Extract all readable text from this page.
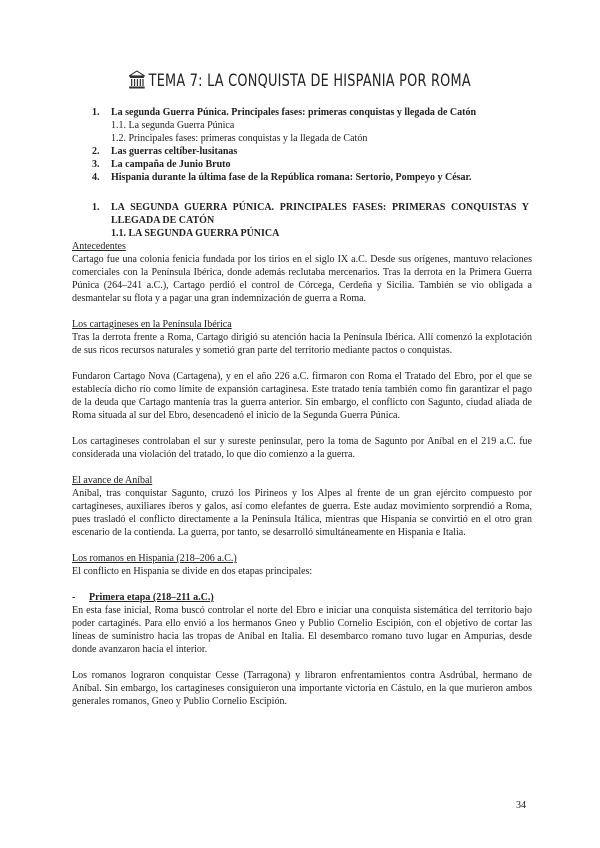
TEMA 7: LA CONQUISTA DE HISPANIA POR ROMA
1.	La segunda Guerra Púnica. Principales fases: primeras conquistas y llegada de Catón
1.1. La segunda Guerra Púnica
1.2. Principales fases: primeras conquistas y la llegada de Catón
2.	Las guerras celtíber-lusitanas
3.	La campaña de Junio Bruto
4.	Hispania durante la última fase de la República romana: Sertorio, Pompeyo y César.
1. LA SEGUNDA GUERRA PÚNICA. PRINCIPALES FASES: PRIMERAS CONQUISTAS Y LLEGADA DE CATÓN
1.1. LA SEGUNDA GUERRA PÚNICA

Antecedentes

Cartago fue una colonia fenicia fundada por los tirios en el siglo IX a.C. Desde sus orígenes, mantuvo relaciones comerciales con la Península Ibérica, donde además reclutaba mercenarios. Tras la derrota en la Primera Guerra Púnica (264–241 a.C.), Cartago perdió el control de Córcega, Cerdeña y Sicilia. También se vio obligada a desmantelar su flota y a pagar una gran indemnización de guerra a Roma.

Los cartagineses en la Península Ibérica

Tras la derrota frente a Roma, Cartago dirigió su atención hacia la Península Ibérica. Allí comenzó la explotación de sus ricos recursos naturales y sometió gran parte del territorio mediante pactos o conquistas.

Fundaron Cartago Nova (Cartagena), y en el año 226 a.C. firmaron con Roma el Tratado del Ebro, por el que se establecía dicho río como límite de expansión cartaginesa. Este tratado tenía también como fin garantizar el pago de la deuda que Cartago mantenía tras la guerra anterior. Sin embargo, el conflicto con Sagunto, ciudad aliada de Roma situada al sur del Ebro, desencadenó el inicio de la Segunda Guerra Púnica.

Los cartagineses controlaban el sur y sureste peninsular, pero la toma de Sagunto por Aníbal en el 219 a.C. fue considerada una violación del tratado, lo que dio comienzo a la guerra.

El avance de Aníbal

Aníbal, tras conquistar Sagunto, cruzó los Pirineos y los Alpes al frente de un gran ejército compuesto por cartagineses, auxiliares íberos y galos, así como elefantes de guerra. Este audaz movimiento sorprendió a Roma, pues trasladó el conflicto directamente a la Península Itálica, mientras que Hispania se convirtió en el otro gran escenario de la contienda. La guerra, por tanto, se desarrolló simultáneamente en Hispania e Italia.

Los romanos en Hispania (218–206 a.C.)

El conflicto en Hispania se divide en dos etapas principales:

-	Primera etapa (218–211 a.C.)

En esta fase inicial, Roma buscó controlar el norte del Ebro e iniciar una conquista sistemática del territorio bajo poder cartaginés. Para ello envió a los hermanos Gneo y Publio Cornelio Escipión, con el objetivo de cortar las líneas de suministro hacia las tropas de Aníbal en Italia. El desembarco romano tuvo lugar en Ampurias, desde donde avanzaron hacia el interior.

Los romanos lograron conquistar Cesse (Tarragona) y libraron enfrentamientos contra Asdrúbal, hermano de Aníbal. Sin embargo, los cartagineses consiguieron una importante victoria en Cástulo, en la que murieron ambos generales romanos, Gneo y Publio Cornelio Escipión.

34
